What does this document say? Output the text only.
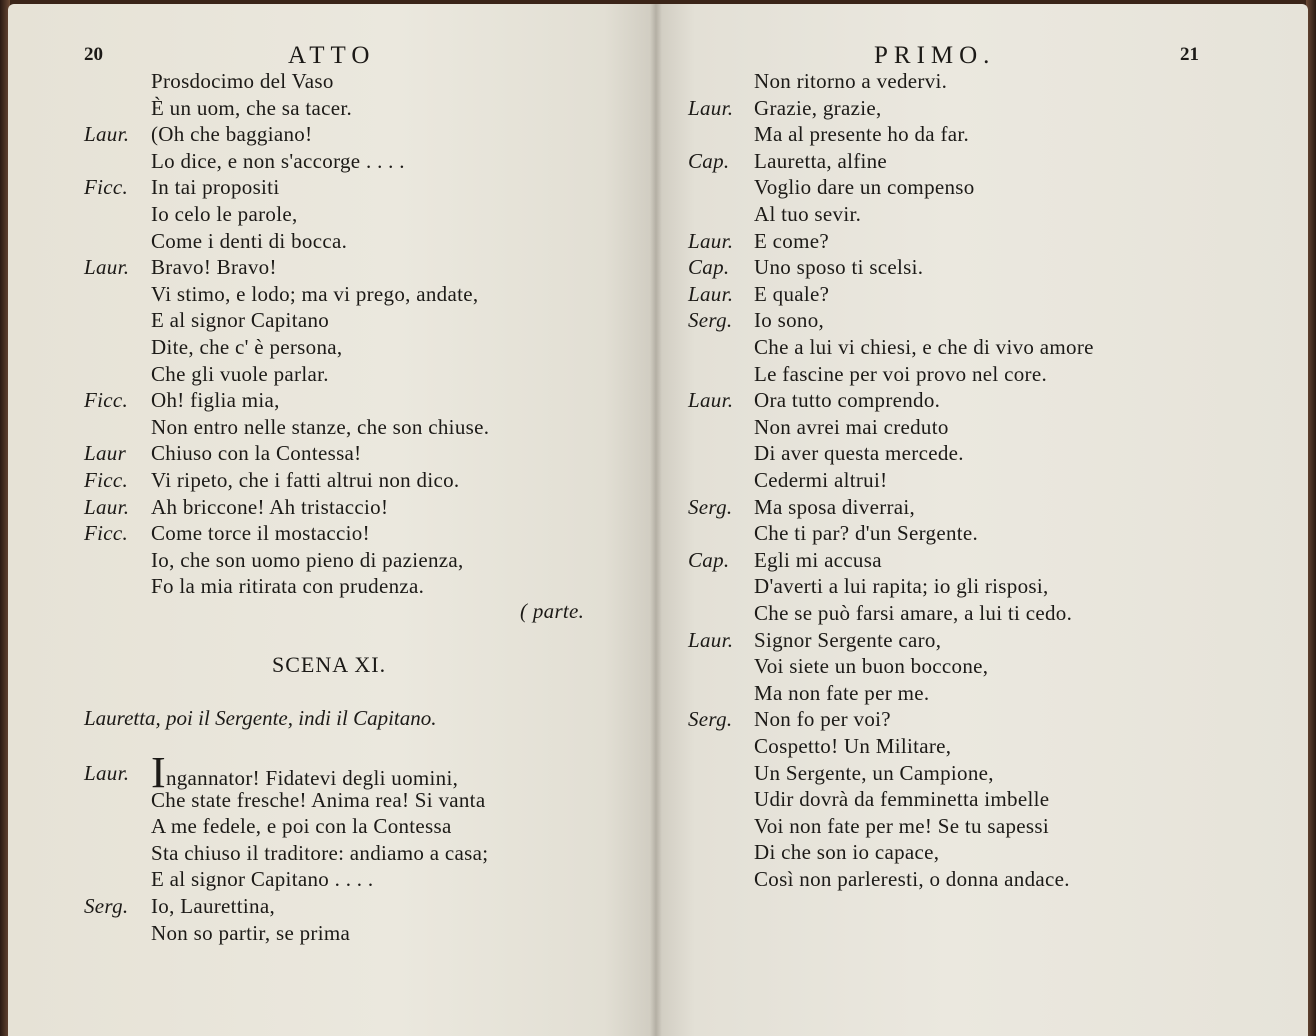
20	ATTO
Prosdocimo del Vaso
È un uom, che sa tacer.
Laur. (Oh che baggiano!
Lo dice, e non s'accorge . . . .
Ficc. In tai propositi
Io celo le parole,
Come i denti di bocca.
Laur. Bravo! Bravo!
Vi stimo, e lodo; ma vi prego, andate,
E al signor Capitano
Dite, che c' è persona,
Che gli vuole parlar.
Ficc. Oh! figlia mia,
Non entro nelle stanze, che son chiuse.
Laur Chiuso con la Contessa!
Ficc. Vi ripeto, che i fatti altrui non dico.
Laur. Ah briccone! Ah tristaccio!
Ficc. Come torce il mostaccio!
Io, che son uomo pieno di pazienza,
Fo la mia ritirata con prudenza.
( parte.
SCENA XI.
Lauretta, poi il Sergente, indi il Capitano.
Laur. Ingannator! Fidatevi degli uomini,
Che state fresche! Anima rea! Si vanta
A me fedele, e poi con la Contessa
Sta chiuso il traditore: andiamo a casa;
E al signor Capitano . . . .
Serg. Io, Laurettina,
Non so partir, se prima
PRIMO.	21
Non ritorno a vedervi.
Laur. Grazie, grazie,
Ma al presente ho da far.
Cap. Lauretta, alfine
Voglio dare un compenso
Al tuo sevir.
Laur. E come?
Cap. Uno sposo ti scelsi.
Laur. E quale?
Serg. Io sono,
Che a lui vi chiesi, e che di vivo amore
Le fascine per voi provo nel core.
Laur. Ora tutto comprendo.
Non avrei mai creduto
Di aver questa mercede.
Cedermi altrui!
Serg. Ma sposa diverrai,
Che ti par? d'un Sergente.
Cap. Egli mi accusa
D'averti a lui rapita; io gli risposi,
Che se può farsi amare, a lui ti cedo.
Laur. Signor Sergente caro,
Voi siete un buon boccone,
Ma non fate per me.
Serg. Non fo per voi?
Cospetto! Un Militare,
Un Sergente, un Campione,
Udir dovrà da femminetta imbelle
Voi non fate per me! Se tu sapessi
Di che son io capace,
Così non parleresti, o donna andace.
